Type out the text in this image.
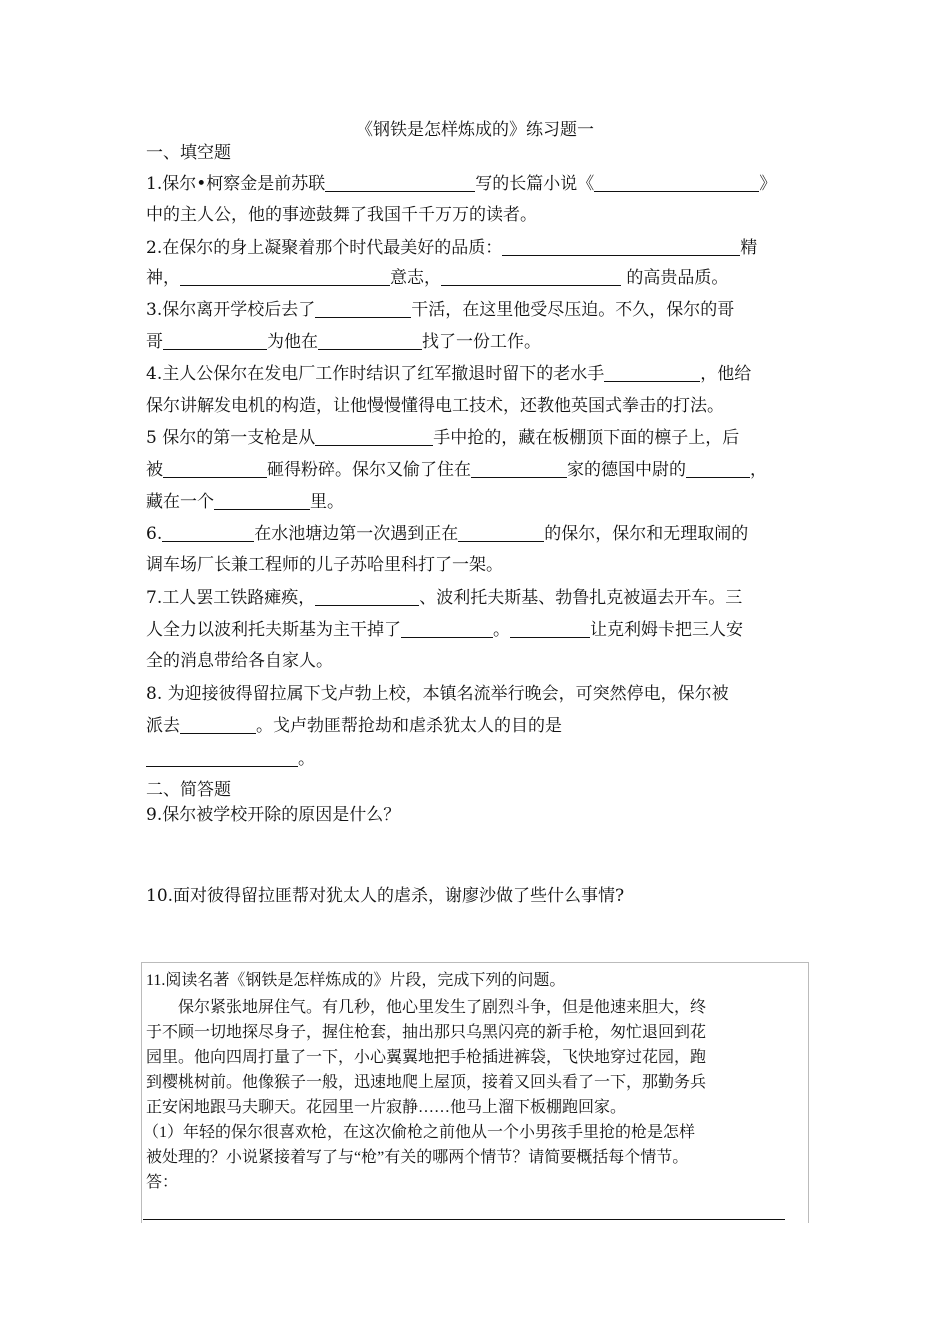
《钢铁是怎样炼成的》练习题一
一、填空题
1.保尔•柯察金是前苏联	写的长篇小说《	》
中的主人公，他的事迹鼓舞了我国千千万万的读者。
2.在保尔的身上凝聚着那个时代最美好的品质：	精
神，	意志，	的高贵品质。
3.保尔离开学校后去了	干活，在这里他受尽压迫。不久，保尔的哥
哥	为他在	找了一份工作。
4.主人公保尔在发电厂工作时结识了红军撤退时留下的老水手	，他给
保尔讲解发电机的构造，让他慢慢懂得电工技术，还教他英国式拳击的打法。
5 保尔的第一支枪是从	手中抢的，藏在板棚顶下面的檩子上，后
被	砸得粉碎。保尔又偷了住在	家的德国中尉的	，
藏在一个	里。
6.	在水池塘边第一次遇到正在	的保尔，保尔和无理取闹的
调车场厂长兼工程师的儿子苏哈里科打了一架。
7.工人罢工铁路瘫痪，	、波利托夫斯基、勃鲁扎克被逼去开车。三
人全力以波利托夫斯基为主干掉了	。	让克利姆卡把三人安
全的消息带给各自家人。
8. 为迎接彼得留拉属下戈卢勃上校，本镇名流举行晚会，可突然停电，保尔被
派去	。戈卢勃匪帮抢劫和虐杀犹太人的目的是
。
二、简答题
9.保尔被学校开除的原因是什么？
10.面对彼得留拉匪帮对犹太人的虐杀，谢廖沙做了些什么事情?
11.阅读名著《钢铁是怎样炼成的》片段，完成下列的问题。
保尔紧张地屏住气。有几秒，他心里发生了剧烈斗争，但是他速来胆大，终
于不顾一切地探尽身子，握住枪套，抽出那只乌黑闪亮的新手枪，匆忙退回到花
园里。他向四周打量了一下，小心翼翼地把手枪插进裤袋，飞快地穿过花园，跑
到樱桃树前。他像猴子一般，迅速地爬上屋顶，接着又回头看了一下，那勤务兵
正安闲地跟马夫聊天。花园里一片寂静……他马上溜下板棚跑回家。
（1）年轻的保尔很喜欢枪，在这次偷枪之前他从一个小男孩手里抢的枪是怎样
被处理的？小说紧接着写了与“枪”有关的哪两个情节？请简要概括每个情节。
答：
